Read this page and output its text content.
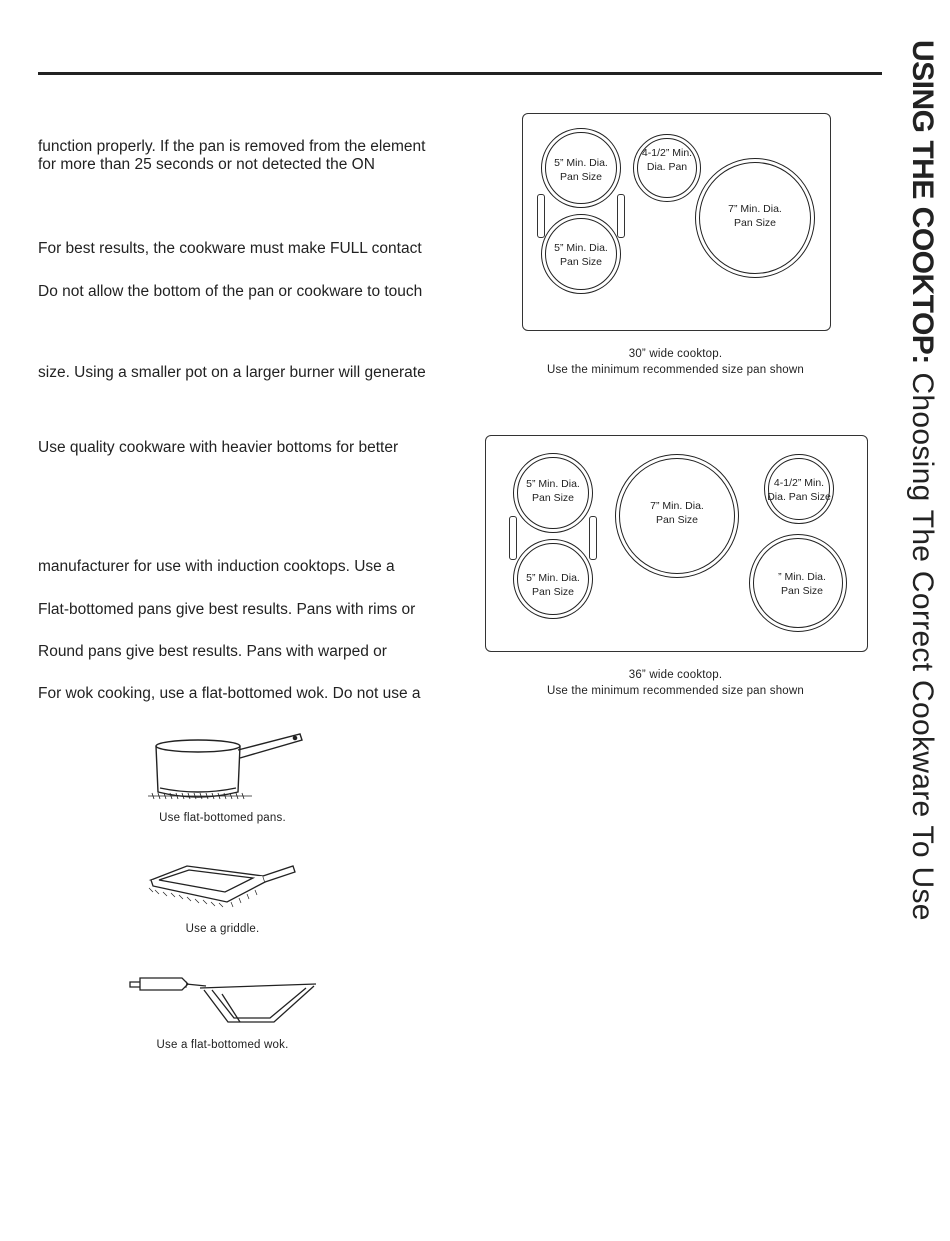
function properly. If the pan is removed from the element
for more than 25 seconds or not detected the ON
For best results, the cookware must make FULL contact
Do not allow the bottom of the pan or cookware to touch
size. Using a smaller pot on a larger burner will generate
Use quality cookware with heavier bottoms for better
manufacturer for use with induction cooktops. Use a
Flat-bottomed pans give best results. Pans with rims or
Round pans give best results. Pans with warped or
For wok cooking, use a flat-bottomed wok. Do not use a
Use flat-bottomed pans.
Use a griddle.
Use a flat-bottomed wok.
5” Min. Dia.
Pan Size
5” Min. Dia.
Pan Size
4-1/2” Min.
Dia. Pan
7” Min. Dia.
Pan Size
30” wide cooktop.
Use the minimum recommended size pan shown
5” Min. Dia.
Pan Size
5” Min. Dia.
Pan Size
7” Min. Dia.
Pan Size
4-1/2” Min.
Dia. Pan Size
” Min. Dia.
Pan Size
36” wide cooktop.
Use the minimum recommended size pan shown
USING THE COOKTOP: Choosing The Correct Cookware To Use
